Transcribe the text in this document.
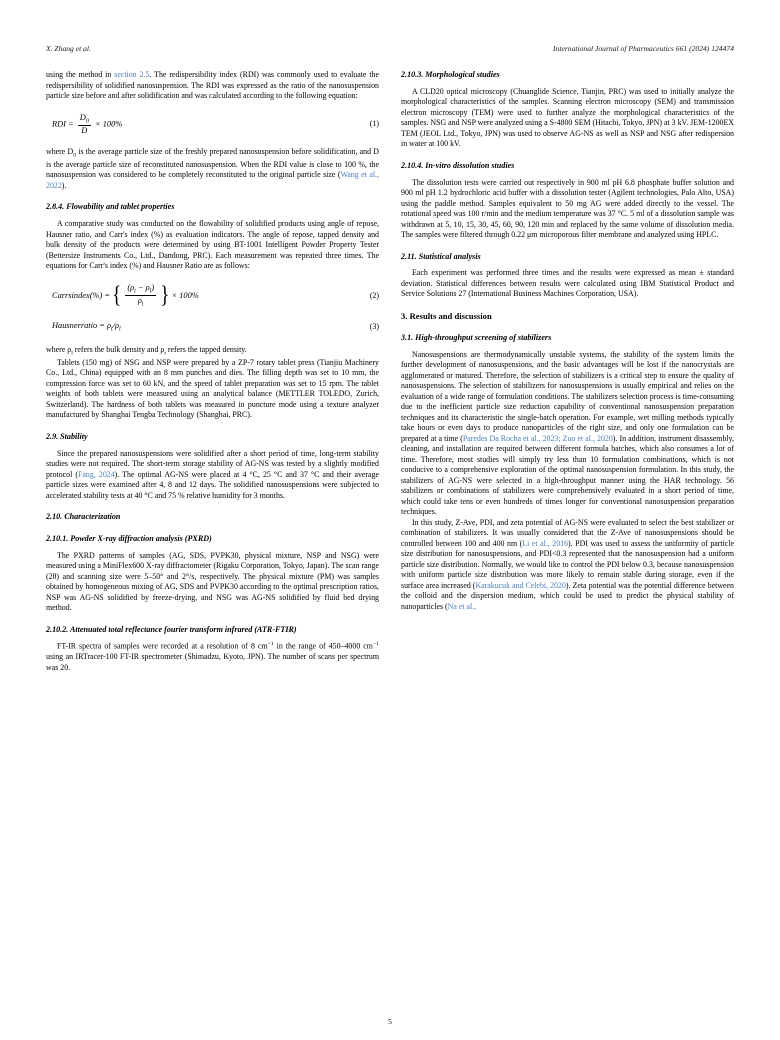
X. Zhang et al.	International Journal of Pharmaceutics 661 (2024) 124474

using the method in section 2.5. The redispersibility index (RDI) was commonly used to evaluate the redispersibility of solidified nanosuspension. The RDI was expressed as the ratio of the nanosuspension particle size before and after solidification and was calculated according to the following equation:

RDI = $\frac{D_0}{D} \times 100\%$	(1)

where $D_0$ is the average particle size of the freshly prepared nanosuspension before solidification, and D is the average particle size of reconstituted nanosuspension. When the RDI value is close to 100 %, the nanosuspension was considered to be completely reconstituted to the original particle size (Wang et al., 2022).

2.8.4. Flowability and tablet properties

A comparative study was conducted on the flowability of solidified products using angle of repose, Hausner ratio, and Carr's index (%) as evaluation indicators. The angle of repose, tapped density and bulk density of the products were determined by using BT-1001 Intelligent Powder Property Tester (Bettersize Instruments Co., Ltd., Dandong, PRC). Each measurement was repeated three times. The equations for Carr's index (%) and Hausner Ratio are as follows:

Carrsindex(%) = { $\frac{(\rho_t - \rho_l)}{\rho_t}$ } × 100%	(2)
Hausnerratio = $\rho_t/\rho_l$	(3)

where $\rho_l$ refers the bulk density and $\rho_t$ refers the tapped density.

Tablets (150 mg) of NSG and NSP were prepared by a ZP-7 rotary tablet press (Tianjiu Machinery Co., Ltd., China) equipped with an 8 mm punches and dies. The filling depth was set to 10 mm, the compression force was set to 60 kN, and the speed of tablet preparation was set to 15 rpm. The tablet weights of both tablets were measured using an analytical balance (METTLER TOLEDO, Zurich, Switzerland). The hardness of both tablets was measured in puncture mode using a texture analyzer manufactured by Shanghai Tengba Technology (Shanghai, PRC).

2.9. Stability

Since the prepared nanosuspensions were solidified after a short period of time, long-term stability studies were not required. The short-term storage stability of AG-NS was tested by a slightly modified protocol (Fang, 2024). The optimal AG-NS were placed at 4 °C, 25 °C and 37 °C and their average particle sizes were examined after 4, 8 and 12 days. The solidified nanosuspensions were subjected to accelerated stability tests at 40 °C and 75 % relative humidity for 3 months.

2.10. Characterization
2.10.1. Powder X-ray diffraction analysis (PXRD)

The PXRD patterns of samples (AG, SDS, PVPK30, physical mixture, NSP and NSG) were measured using a MiniFlex600 X-ray diffractometer (Rigaku Corporation, Tokyo, Japan). The scan range (2θ) and scanning size were 5–50° and 2°/s, respectively. The physical mixture (PM) was samples obtained by homogeneous mixing of AG, SDS and PVPK30 according to the optimal prescription ratios, NSP was AG-NS solidified by freeze-drying, and NSG was AG-NS solidified by fluid bed drying method.

2.10.2. Attenuated total reflectance fourier transform infrared (ATR-FTIR)

FT-IR spectra of samples were recorded at a resolution of 8 $cm^{-1}$ in the range of 450–4000 $cm^{-1}$ using an IRTracer-100 FT-IR spectrometer (Shimadzu, Kyoto, JPN). The number of scans per spectrum was 20.

2.10.3. Morphological studies

A CLD20 optical microscopy (Chuanglide Science, Tianjin, PRC) was used to initially analyze the morphological characteristics of the samples. Scanning electron microscopy (SEM) and transmission electron microscopy (TEM) were used to further analyze the morphological characteristics of the samples. NSG and NSP were analyzed using a S-4800 SEM (Hitachi, Tokyo, JPN) at 3 kV. JEM-1200EX TEM (JEOL Ltd., Tokyo, JPN) was used to observe AG-NS as well as NSP and NSG after redispersion in water at 100 kV.

2.10.4. In-vitro dissolution studies

The dissolution tests were carried out respectively in 900 ml pH 6.8 phosphate buffer solution and 900 ml pH 1.2 hydrochloric acid buffer with a dissolution tester (Agilent technologies, Palo Alto, USA) using the paddle method. Samples equivalent to 50 mg AG were added directly to the vessel. The rotational speed was 100 r/min and the medium temperature was 37 °C. 5 ml of a dissolution sample was withdrawn at 5, 10, 15, 30, 45, 60, 90, 120 min and replaced by the same volume of dissolution media. The samples were filtered through 0.22 μm microporous filter membrane and analyzed using HPLC.

2.11. Statistical analysis

Each experiment was performed three times and the results were expressed as mean ± standard deviation. Statistical differences between results were calculated using IBM Statistical Product and Service Solutions 27 (International Business Machines Corporation, USA).

3. Results and discussion
3.1. High-throughput screening of stabilizers

Nanosuspensions are thermodynamically unstable systems, the stability of the system limits the further development of nanosuspensions, and the basic advantages will be lost if the nanocrystals are agglomerated or matured. Therefore, the selection of stabilizers is a critical step to ensure the quality of nanosuspensions. The selection of stabilizers for nanosuspensions is usually empirical and relies on the evaluation of a wide range of formulation conditions. The stabilizers selection process is time-consuming due to the inefficient particle size reduction capability of conventional nanosuspension preparation techniques and its characteristic the single-batch operation. For example, wet milling methods typically take hours or even days to produce nanoparticles of the right size, and only one formulation can be prepared at a time (Paredes Da Rocha et al., 2023; Zuo et al., 2020). In addition, instrument disassembly, cleaning, and installation are required between different formula batches, which also consumes a lot of time. Therefore, most studies will simply try less than 10 formulation combinations, which is not conducive to a comprehensive exploration of the optimal nanosuspension formulation. In this study, the stabilizers of AG-NS were selected in a high-throughput manner using the HAR technology. 56 stabilizers or combinations of stabilizers were comprehensively evaluated in a short period of time, which could take tens or even hundreds of times longer for conventional nanosuspension preparation techniques.

In this study, Z-Ave, PDI, and zeta potential of AG-NS were evaluated to select the best stabilizer or combination of stabilizers. It was usually considered that the Z-Ave of nanosuspensions should be controlled between 100 and 400 nm (Li et al., 2016). PDI was used to assess the uniformity of particle size distribution for nanosuspensions, and PDI<0.3 represented that the nanosuspension had a uniform particle size distribution. Normally, we would like to control the PDI below 0.3, because nanosuspension with uniform particle size distribution was more likely to remain stable during storage, even if the surface area increased (Karakucuk and Celebi, 2020). Zeta potential was the potential difference between the colloid and the dispersion medium, which could be used to predict the physical stability of nanoparticles (Na et al.,

5
